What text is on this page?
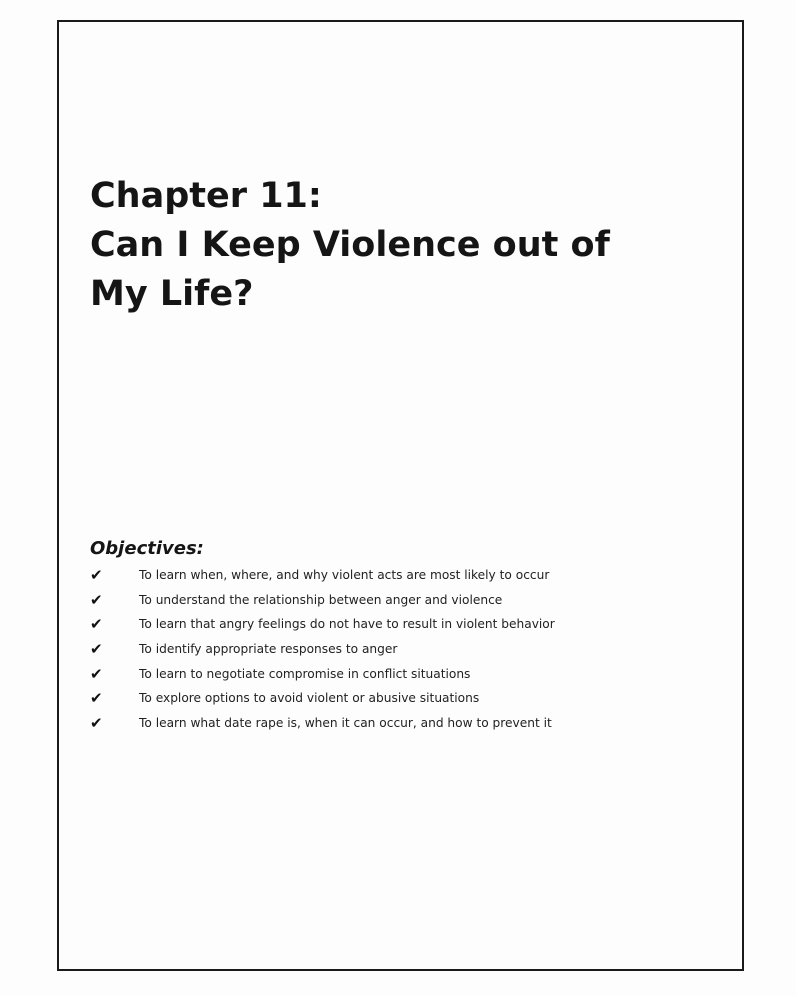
Chapter 11:
Can I Keep Violence out of
My Life?
Objectives:
✔	To learn when, where, and why violent acts are most likely to occur
✔	To understand the relationship between anger and violence
✔	To learn that angry feelings do not have to result in violent behavior
✔	To identify appropriate responses to anger
✔	To learn to negotiate compromise in conflict situations
✔	To explore options to avoid violent or abusive situations
✔	To learn what date rape is, when it can occur, and how to prevent it
